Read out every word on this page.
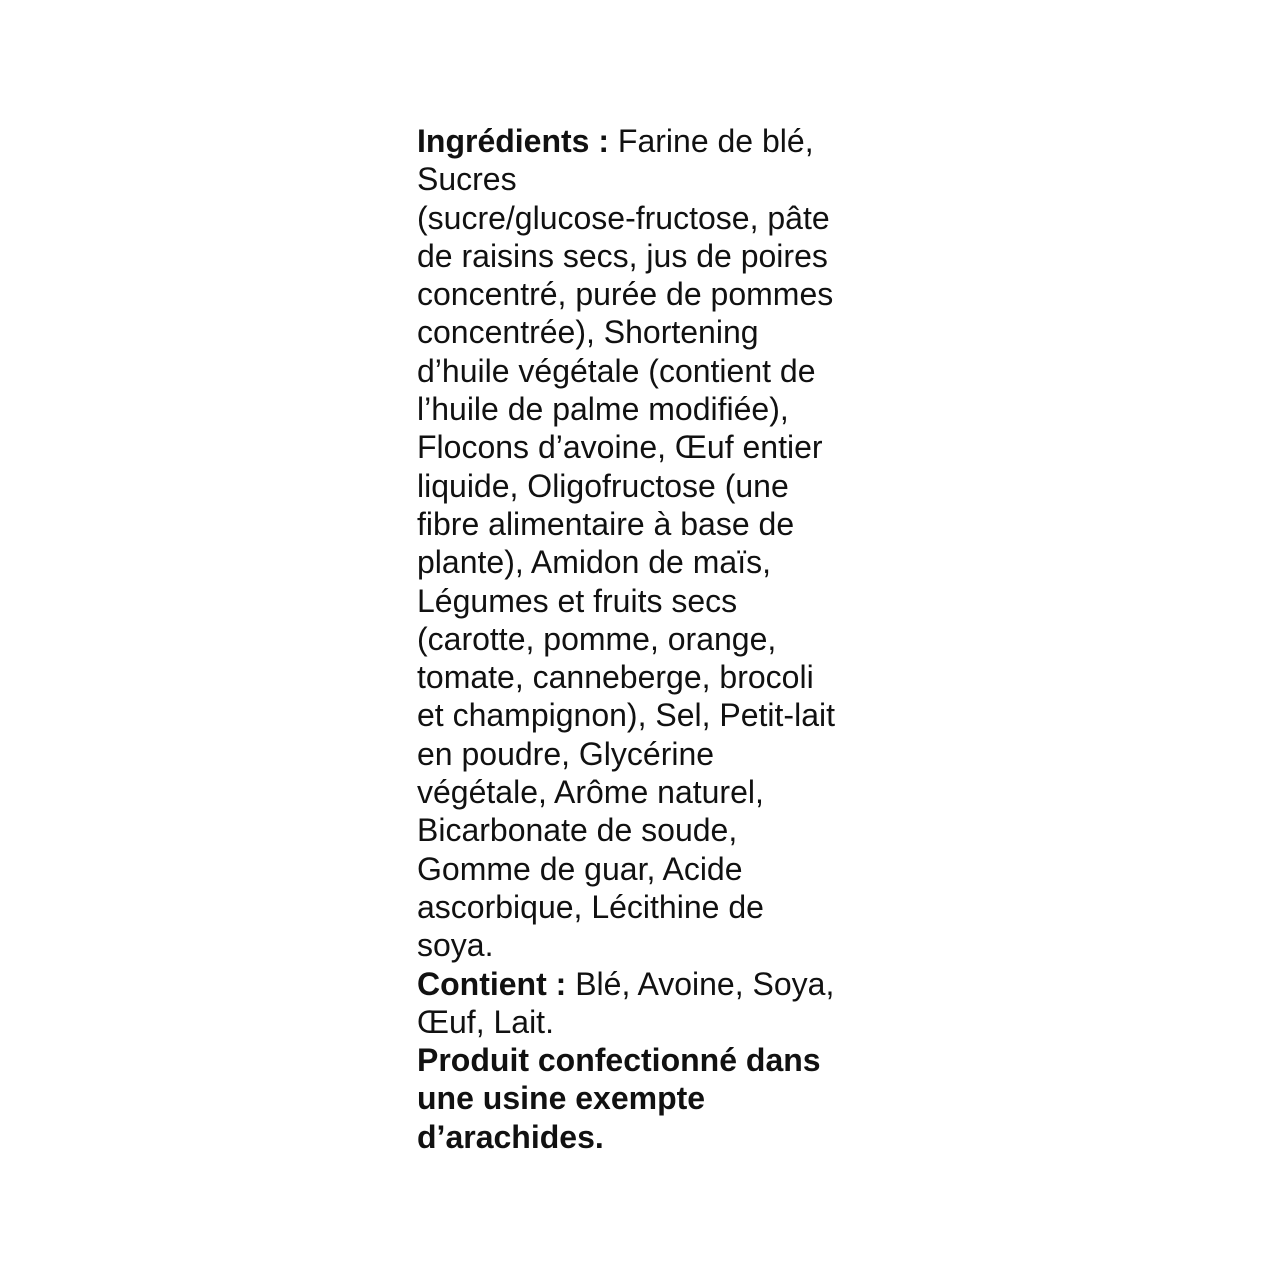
Ingrédients : Farine de blé,
Sucres
(sucre/glucose-fructose, pâte
de raisins secs, jus de poires
concentré, purée de pommes
concentrée), Shortening
d’huile végétale (contient de
l’huile de palme modifiée),
Flocons d’avoine, Œuf entier
liquide, Oligofructose (une
fibre alimentaire à base de
plante), Amidon de maïs,
Légumes et fruits secs
(carotte, pomme, orange,
tomate, canneberge, brocoli
et champignon), Sel, Petit-lait
en poudre, Glycérine
végétale, Arôme naturel,
Bicarbonate de soude,
Gomme de guar, Acide
ascorbique, Lécithine de
soya.
Contient : Blé, Avoine, Soya,
Œuf, Lait.
Produit confectionné dans
une usine exempte
d’arachides.
